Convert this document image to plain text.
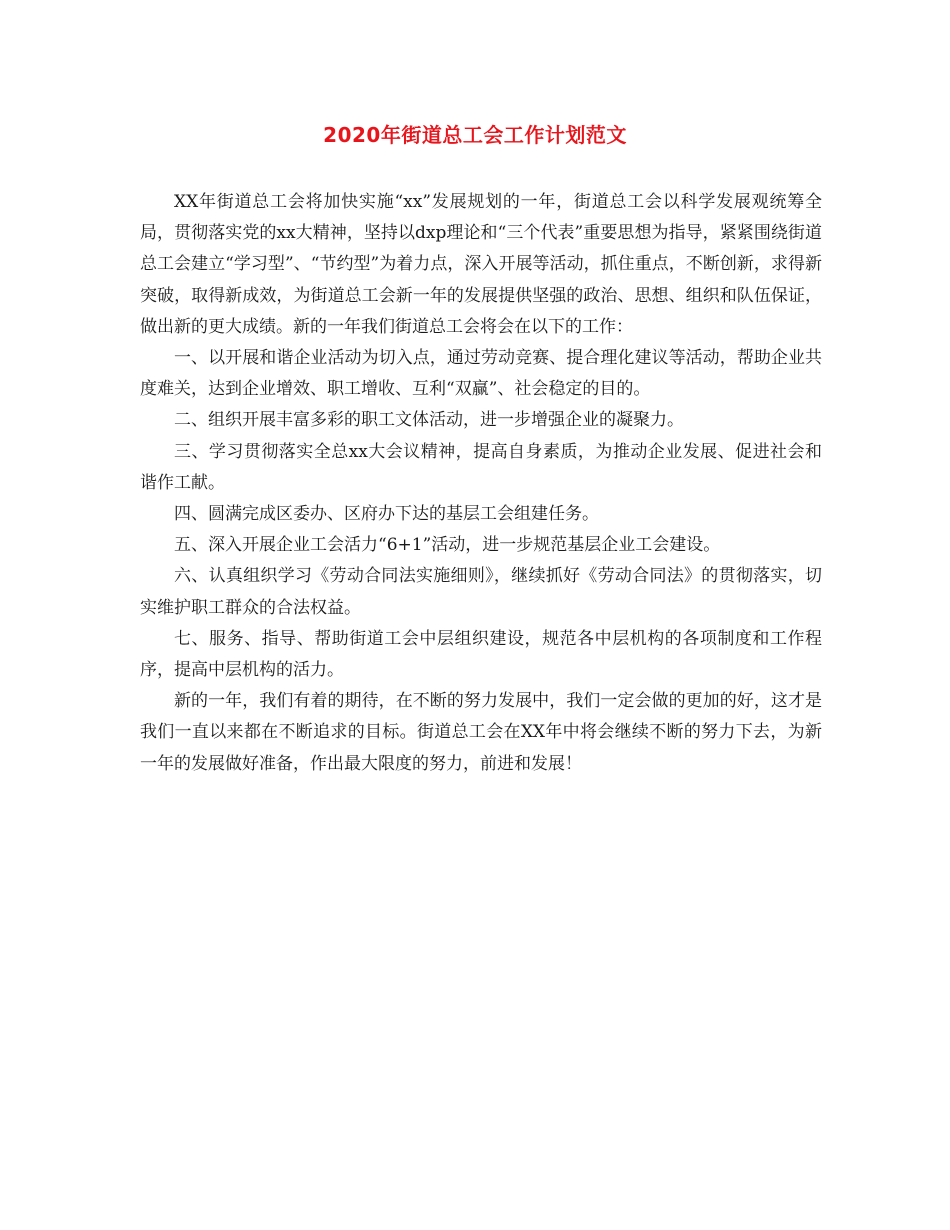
2020年街道总工会工作计划范文

XX年街道总工会将加快实施“xx”发展规划的一年，街道总工会以科学发展观统筹全局，贯彻落实党的xx大精神，坚持以dxp理论和“三个代表”重要思想为指导，紧紧围绕街道总工会建立“学习型”、“节约型”为着力点，深入开展等活动，抓住重点，不断创新，求得新突破，取得新成效，为街道总工会新一年的发展提供坚强的政治、思想、组织和队伍保证，做出新的更大成绩。新的一年我们街道总工会将会在以下的工作：

一、以开展和谐企业活动为切入点，通过劳动竞赛、提合理化建议等活动，帮助企业共度难关，达到企业增效、职工增收、互利“双赢”、社会稳定的目的。

二、组织开展丰富多彩的职工文体活动，进一步增强企业的凝聚力。

三、学习贯彻落实全总xx大会议精神，提高自身素质，为推动企业发展、促进社会和谐作工献。

四、圆满完成区委办、区府办下达的基层工会组建任务。

五、深入开展企业工会活力“6+1”活动，进一步规范基层企业工会建设。

六、认真组织学习《劳动合同法实施细则》，继续抓好《劳动合同法》的贯彻落实，切实维护职工群众的合法权益。

七、服务、指导、帮助街道工会中层组织建设，规范各中层机构的各项制度和工作程序，提高中层机构的活力。

新的一年，我们有着的期待，在不断的努力发展中，我们一定会做的更加的好，这才是我们一直以来都在不断追求的目标。街道总工会在XX年中将会继续不断的努力下去，为新一年的发展做好准备，作出最大限度的努力，前进和发展！
